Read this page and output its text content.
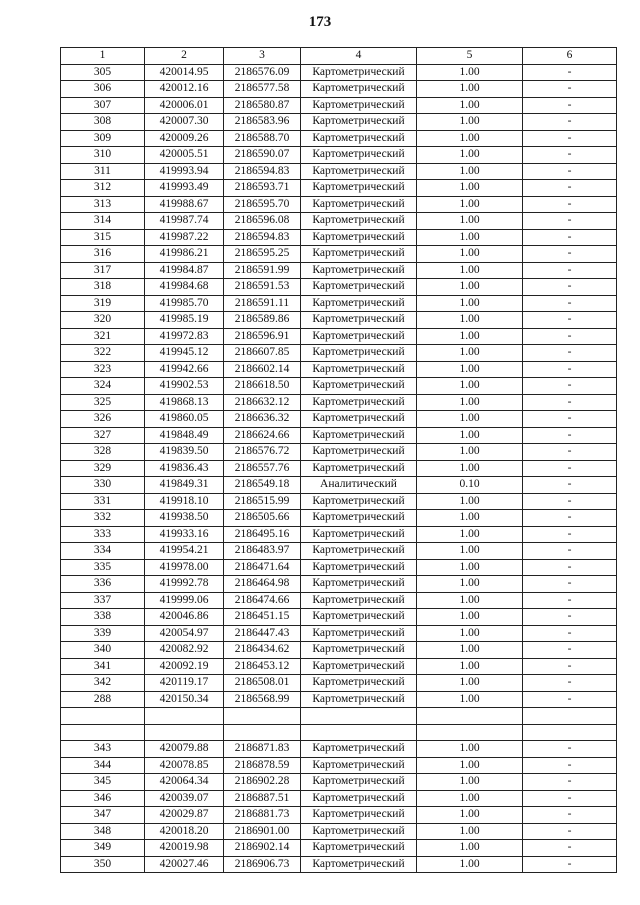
173
1	2	3	4	5	6
305	420014.95	2186576.09	Картометрический	1.00	-
306	420012.16	2186577.58	Картометрический	1.00	-
307	420006.01	2186580.87	Картометрический	1.00	-
308	420007.30	2186583.96	Картометрический	1.00	-
309	420009.26	2186588.70	Картометрический	1.00	-
310	420005.51	2186590.07	Картометрический	1.00	-
311	419993.94	2186594.83	Картометрический	1.00	-
312	419993.49	2186593.71	Картометрический	1.00	-
313	419988.67	2186595.70	Картометрический	1.00	-
314	419987.74	2186596.08	Картометрический	1.00	-
315	419987.22	2186594.83	Картометрический	1.00	-
316	419986.21	2186595.25	Картометрический	1.00	-
317	419984.87	2186591.99	Картометрический	1.00	-
318	419984.68	2186591.53	Картометрический	1.00	-
319	419985.70	2186591.11	Картометрический	1.00	-
320	419985.19	2186589.86	Картометрический	1.00	-
321	419972.83	2186596.91	Картометрический	1.00	-
322	419945.12	2186607.85	Картометрический	1.00	-
323	419942.66	2186602.14	Картометрический	1.00	-
324	419902.53	2186618.50	Картометрический	1.00	-
325	419868.13	2186632.12	Картометрический	1.00	-
326	419860.05	2186636.32	Картометрический	1.00	-
327	419848.49	2186624.66	Картометрический	1.00	-
328	419839.50	2186576.72	Картометрический	1.00	-
329	419836.43	2186557.76	Картометрический	1.00	-
330	419849.31	2186549.18	Аналитический	0.10	-
331	419918.10	2186515.99	Картометрический	1.00	-
332	419938.50	2186505.66	Картометрический	1.00	-
333	419933.16	2186495.16	Картометрический	1.00	-
334	419954.21	2186483.97	Картометрический	1.00	-
335	419978.00	2186471.64	Картометрический	1.00	-
336	419992.78	2186464.98	Картометрический	1.00	-
337	419999.06	2186474.66	Картометрический	1.00	-
338	420046.86	2186451.15	Картометрический	1.00	-
339	420054.97	2186447.43	Картометрический	1.00	-
340	420082.92	2186434.62	Картометрический	1.00	-
341	420092.19	2186453.12	Картометрический	1.00	-
342	420119.17	2186508.01	Картометрический	1.00	-
288	420150.34	2186568.99	Картометрический	1.00	-

343	420079.88	2186871.83	Картометрический	1.00	-
344	420078.85	2186878.59	Картометрический	1.00	-
345	420064.34	2186902.28	Картометрический	1.00	-
346	420039.07	2186887.51	Картометрический	1.00	-
347	420029.87	2186881.73	Картометрический	1.00	-
348	420018.20	2186901.00	Картометрический	1.00	-
349	420019.98	2186902.14	Картометрический	1.00	-
350	420027.46	2186906.73	Картометрический	1.00	-
